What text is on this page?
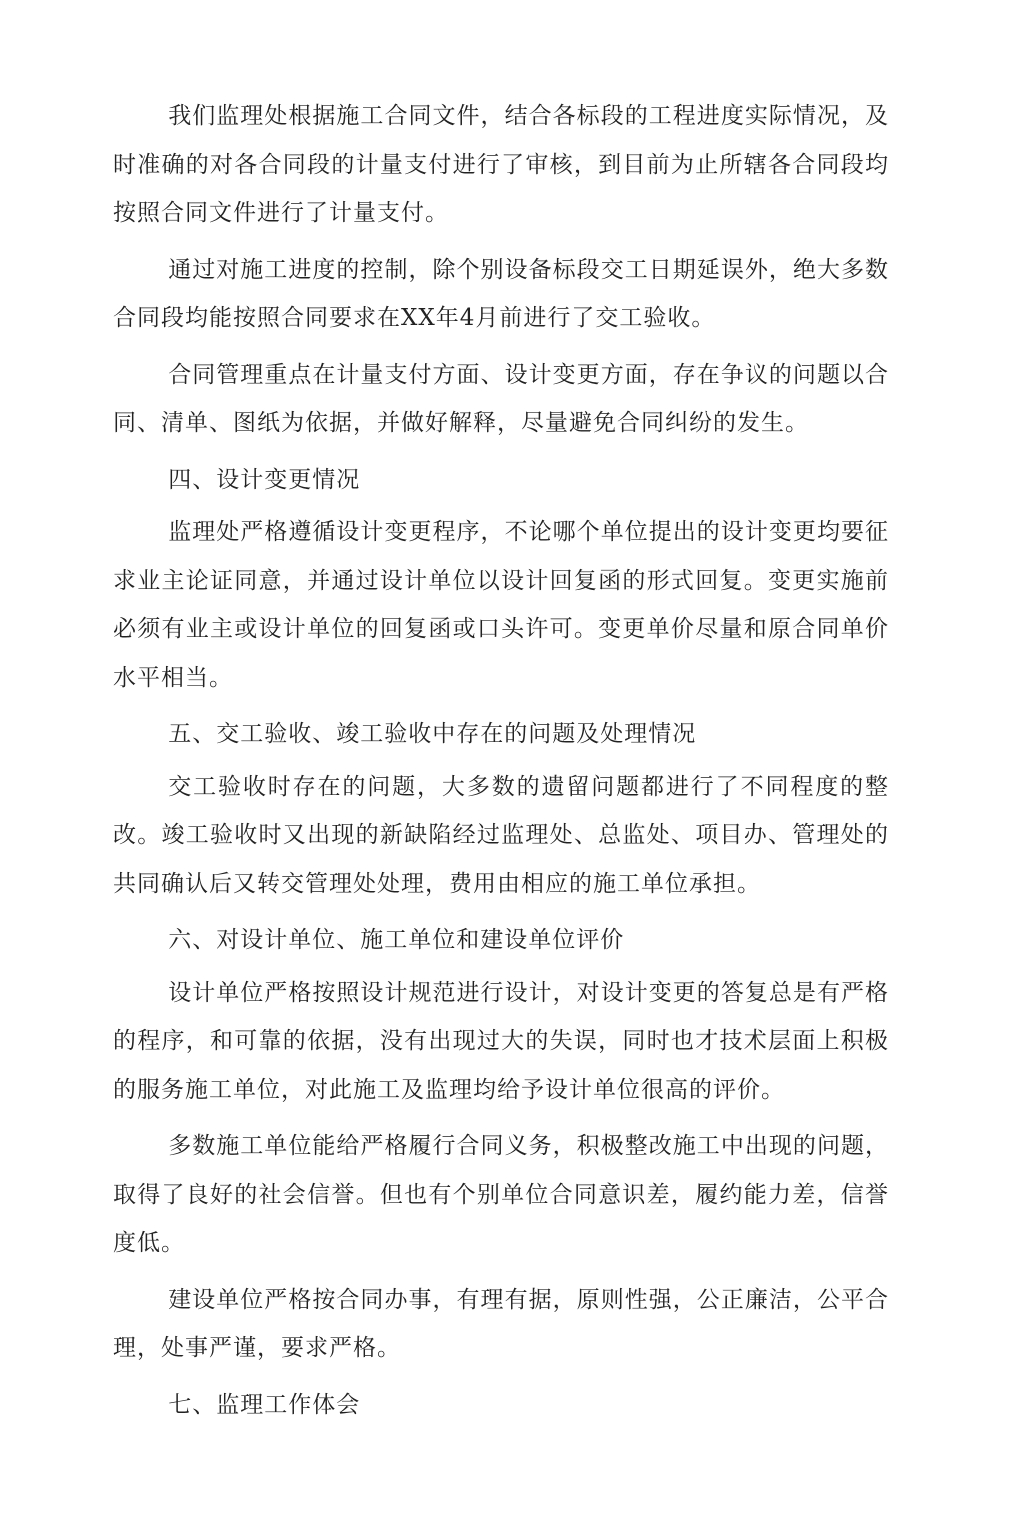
我们监理处根据施工合同文件，结合各标段的工程进度实际情况，及时准确的对各合同段的计量支付进行了审核，到目前为止所辖各合同段均按照合同文件进行了计量支付。

通过对施工进度的控制，除个别设备标段交工日期延误外，绝大多数合同段均能按照合同要求在XX年4月前进行了交工验收。

合同管理重点在计量支付方面、设计变更方面，存在争议的问题以合同、清单、图纸为依据，并做好解释，尽量避免合同纠纷的发生。

四、设计变更情况

监理处严格遵循设计变更程序，不论哪个单位提出的设计变更均要征求业主论证同意，并通过设计单位以设计回复函的形式回复。变更实施前必须有业主或设计单位的回复函或口头许可。变更单价尽量和原合同单价水平相当。

五、交工验收、竣工验收中存在的问题及处理情况

交工验收时存在的问题，大多数的遗留问题都进行了不同程度的整改。竣工验收时又出现的新缺陷经过监理处、总监处、项目办、管理处的共同确认后又转交管理处处理，费用由相应的施工单位承担。

六、对设计单位、施工单位和建设单位评价

设计单位严格按照设计规范进行设计，对设计变更的答复总是有严格的程序，和可靠的依据，没有出现过大的失误，同时也才技术层面上积极的服务施工单位，对此施工及监理均给予设计单位很高的评价。

多数施工单位能给严格履行合同义务，积极整改施工中出现的问题，取得了良好的社会信誉。但也有个别单位合同意识差，履约能力差，信誉度低。

建设单位严格按合同办事，有理有据，原则性强，公正廉洁，公平合理，处事严谨，要求严格。

七、监理工作体会
